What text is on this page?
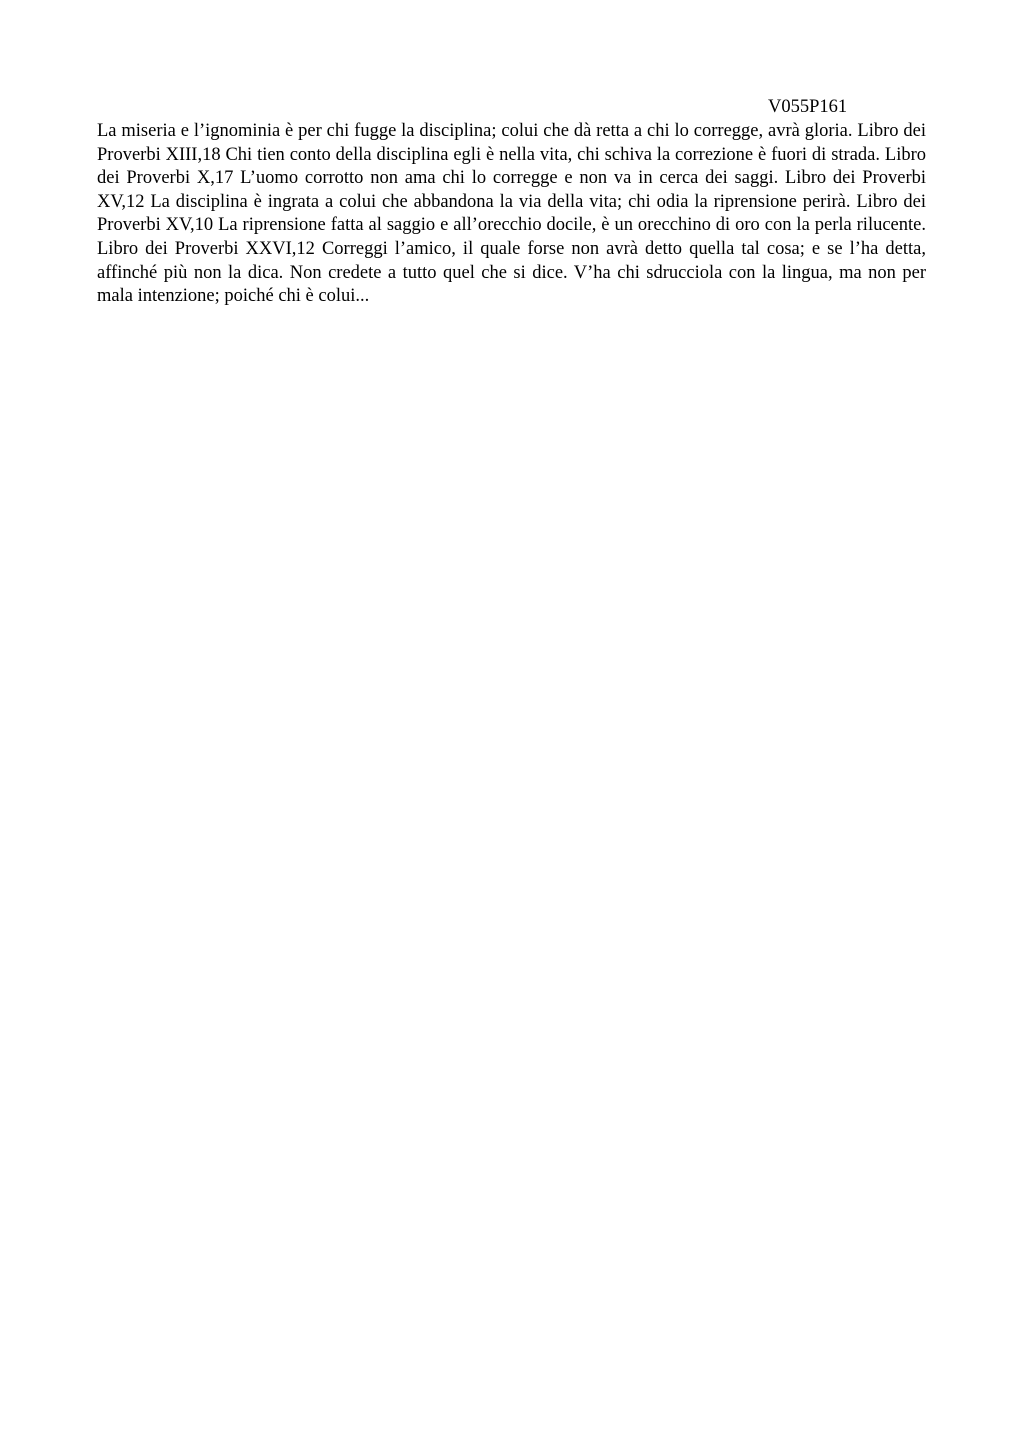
V055P161

La miseria e l’ignominia è per chi fugge la disciplina; colui che dà retta a chi lo corregge, avrà gloria. Libro dei Proverbi XIII,18 Chi tien conto della disciplina egli è nella vita, chi schiva la correzione è fuori di strada. Libro dei Proverbi X,17 L’uomo corrotto non ama chi lo corregge e non va in cerca dei saggi. Libro dei Proverbi XV,12 La disciplina è ingrata a colui che abbandona la via della vita; chi odia la riprensione perirà. Libro dei Proverbi XV,10 La riprensione fatta al saggio e all’orecchio docile, è un orecchino di oro con la perla rilucente. Libro dei Proverbi XXVI,12 Correggi l’amico, il quale forse non avrà detto quella tal cosa; e se l’ha detta, affinché più non la dica. Non credete a tutto quel che si dice. V’ha chi sdrucciola con la lingua, ma non per mala intenzione; poiché chi è colui...
